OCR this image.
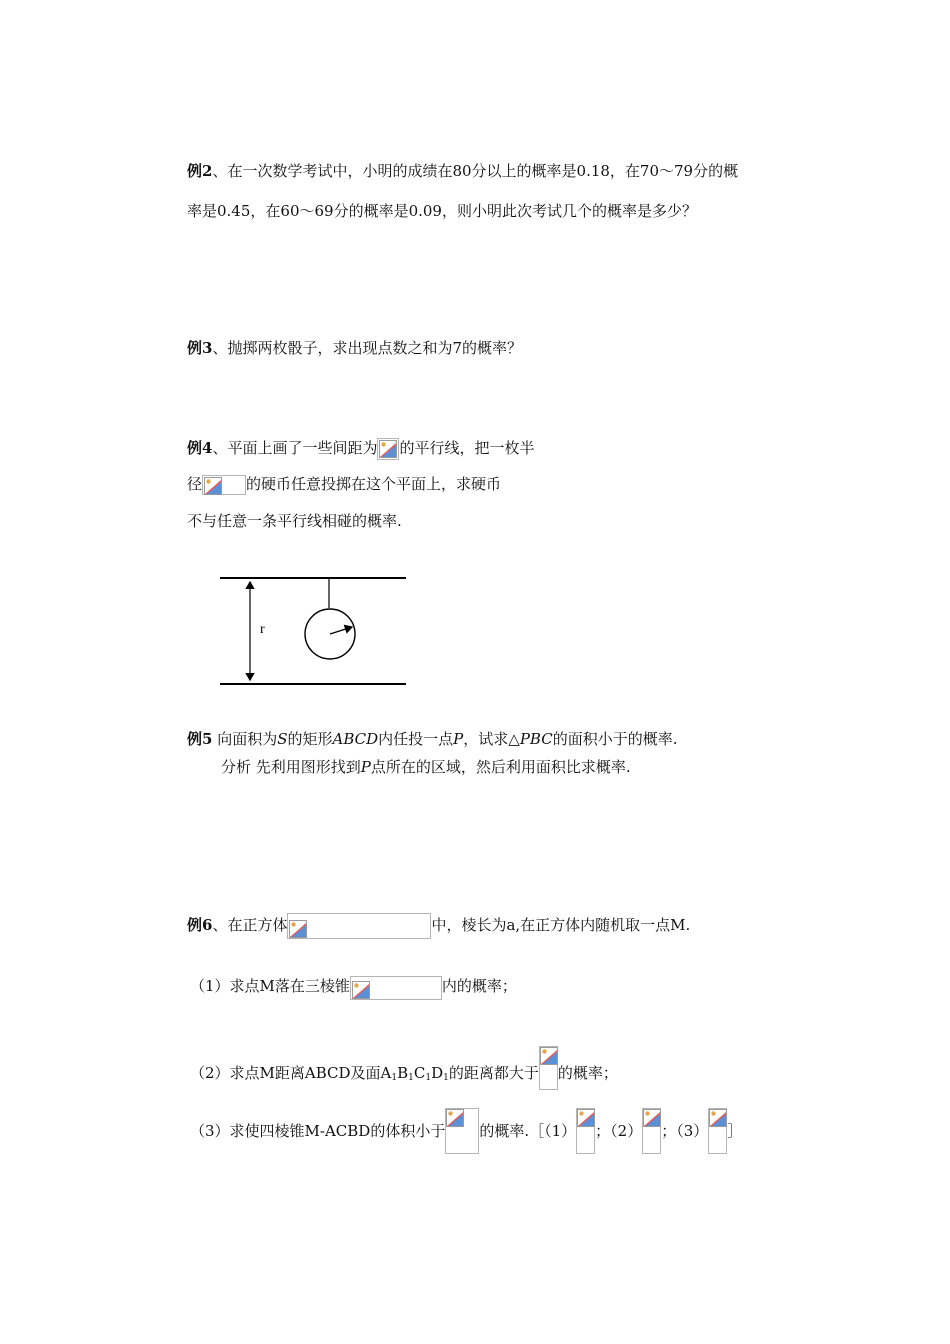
例2、在一次数学考试中，小明的成绩在80分以上的概率是0.18，在70～79分的概
率是0.45，在60～69分的概率是0.09，则小明此次考试几个的概率是多少？
例3、抛掷两枚骰子，求出现点数之和为7的概率？
例4、平面上画了一些间距为 的平行线，把一枚半
径	的硬币任意投掷在这个平面上，求硬币
不与任意一条平行线相碰的概率.
r
例5 向面积为S的矩形ABCD内任投一点P，试求△PBC的面积小于的概率.
分析 先利用图形找到P点所在的区域，然后利用面积比求概率.
例6、在正方体	中，棱长为a,在正方体内随机取一点M.
（1）求点M落在三棱锥	内的概率；
（2）求点M距离ABCD及面$A_1B_1C_1D_1$的距离都大于 的概率；
（3）求使四棱锥M-ACBD的体积小于 的概率.［（1） ；（2） ；（3） ］
